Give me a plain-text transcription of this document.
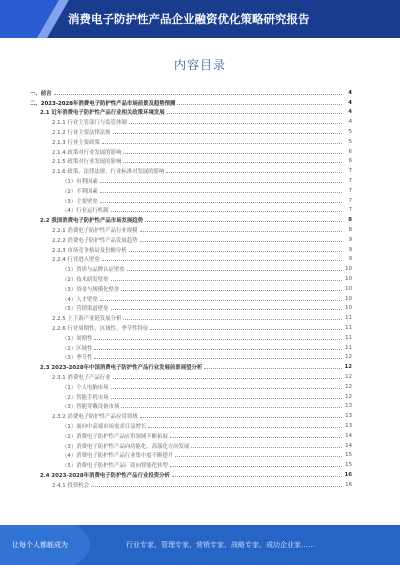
消费电子防护性产品企业融资优化策略研究报告
内容目录
一、前言	4
二、2023-2028年消费电子防护性产品市场前景及趋势预测	4
2.1 近年消费电子防护性产品行业相关政策环境发展	4
2.1.1 行业主管部门与监管体制	4
2.1.2 行业主要法律法规	5
2.1.3 行业主要政策	5
2.1.4 政策对行业发展的影响	6
2.1.5 政策对行业发展的影响	6
2.1.6 政策、法律法规、行业标准对发展的影响	7
（1）有利因素	7
（2）不利因素	7
（3）主要壁垒	7
（4）行业运行机制	7
2.2 我国消费电子防护性产品市场发展趋势	8
2.2.1 消费电子防护性产品行业规模	8
2.2.2 消费电子防护性产品发展趋势	9
2.2.3 市场竞争格局及份额分析	9
2.2.4 行业进入壁垒	9
（1）资质与品牌认证壁垒	10
（2）技术研发壁垒	10
（3）资金与规模化壁垒	10
（4）人才壁垒	10
（5）营销渠道壁垒	10
2.2.5 上下游产业链发展分析	11
2.2.6 行业周期性、区域性、季节性特征	11
（1）周期性	11
（2）区域性	11
（3）季节性	12
2.3 2023-2028年中国消费电子防护性产品行业发展前景展望分析	12
2.3.1 消费电子产品行业	12
（1）个人电脑市场	12
（2）智能手机市场	12
（3）智能穿戴设备市场	13
2.3.2 消费电子防护性产品应用领域	13
（1）面向中高端市场需求日益增长	13
（2）消费电子防护性产品应用领域不断拓展	14
（3）消费电子防护性产品向功能化、高端化方向发展	14
（4）消费电子防护性产品行业集中度不断提升	15
（5）消费电子防护性产品厂商向智能化转型	15
2.4 2023-2028年消费电子防护性产品行业投资分析	16
2.4.1 投资机会	16
让每个人都能成为	行业专家、管理专家、营销专家、战略专家、成功企业家……
